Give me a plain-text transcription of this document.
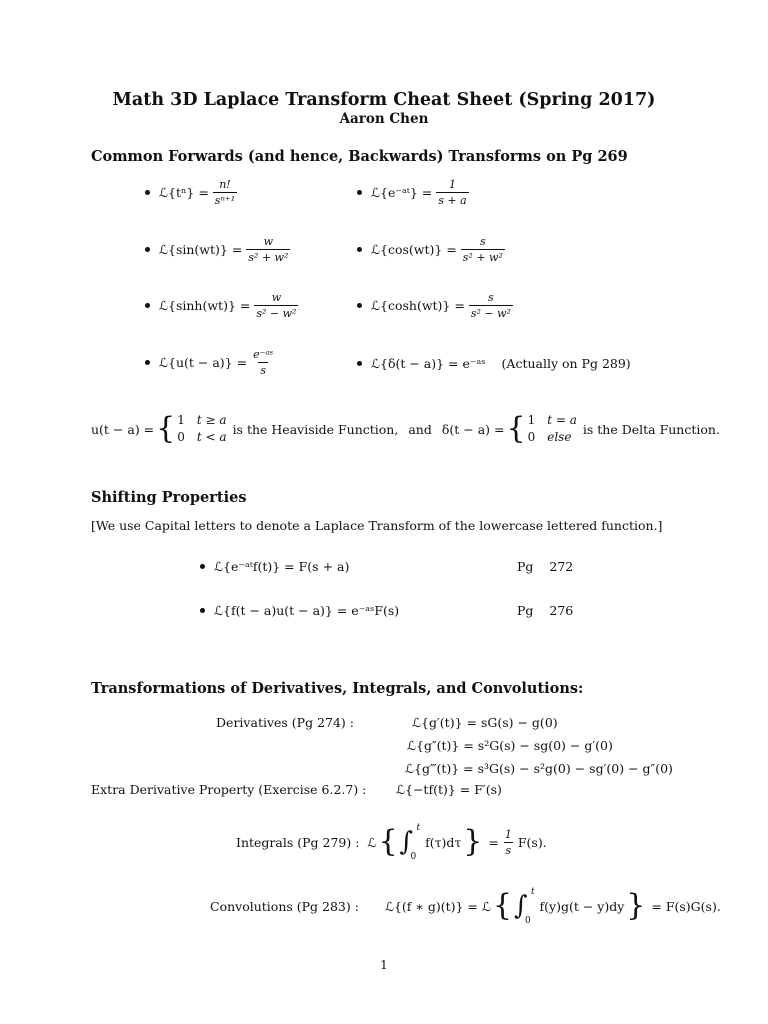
Math 3D Laplace Transform Cheat Sheet (Spring 2017)
Aaron Chen
Common Forwards (and hence, Backwards) Transforms on Pg 269
ℒ{tⁿ} = $\frac{n!}{\text{sⁿ⁺¹}}$	ℒ{e⁻ᵃᵗ} = $\frac{1}{s + a}$
ℒ{sin(wt)} = $\frac{w}{\text{s² + w²}}$	ℒ{cos(wt)} = $\frac{s}{\text{s² + w²}}$
ℒ{sinh(wt)} = $\frac{w}{\text{s² − w²}}$	ℒ{cosh(wt)} = $\frac{s}{\text{s² − w²}}$
ℒ{u(t − $a)\} = \frac{\text{e⁻ᵃˢ}}{s}$	ℒ{δ(t − a)} = e⁻ᵃˢ (Actually on Pg 289)
u(t − a) = { 1 t ≥ a
0 t < a
is the Heaviside Function, and δ(t − a) = { 1 t = a
0 else
is the Delta Function.
Shifting Properties
[We use Capital letters to denote a Laplace Transform of the lowercase lettered function.]
ℒ{e⁻ᵃᵗf(t)} = F(s + a)	Pg 272
ℒ{f(t − a)u(t − a)} = e⁻ᵃˢF(s)	Pg 276
Transformations of Derivatives, Integrals, and Convolutions:
Derivatives (Pg 274) :	ℒ{g′(t)} = sG(s) − g(0)
ℒ{g″(t)} = s²G(s) − sg(0) − g′(0)
ℒ{g‴(t)} = s³G(s) − s²g(0) − sg′(0) − g″(0)
Extra Derivative Property (Exercise 6.2.7) : ℒ{−tf(t)} = F′(s)
Integrals (Pg 279) : ℒ { ∫ t
0
f(τ)dτ } = $\frac{1}{s} F(s)$.
Convolutions (Pg 283) : ℒ{(f ∗ g)(t)} = ℒ { ∫ t
0
f(y)g(t − y)dy } = F(s)G(s).
1
